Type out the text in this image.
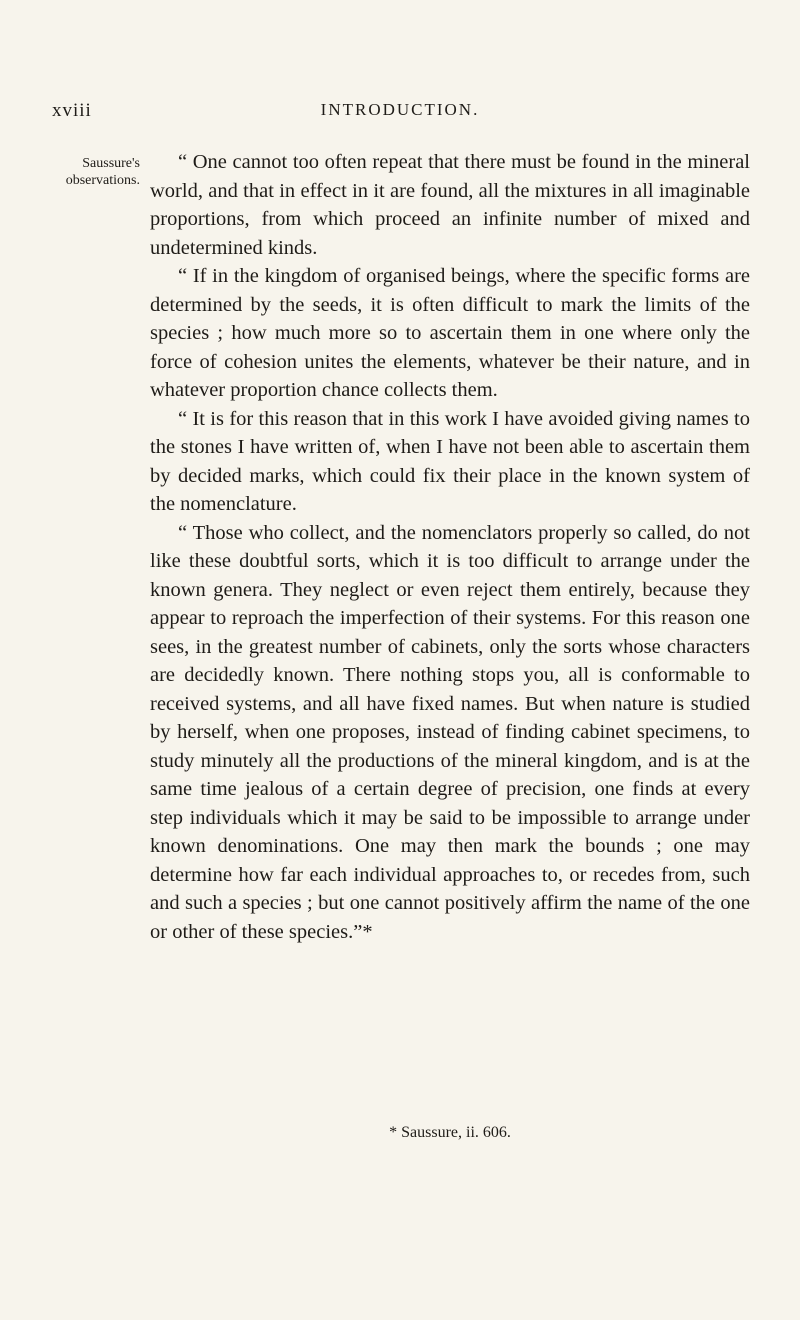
xviii	INTRODUCTION.
Saussure's
observations.

“ One cannot too often repeat that there must be found in the mineral world, and that in effect in it are found, all the mixtures in all imaginable proportions, from which proceed an infinite number of mixed and undetermined kinds.

“ If in the kingdom of organised beings, where the specific forms are determined by the seeds, it is often difficult to mark the limits of the species ; how much more so to ascertain them in one where only the force of cohesion unites the elements, whatever be their nature, and in whatever proportion chance collects them.

“ It is for this reason that in this work I have avoided giving names to the stones I have written of, when I have not been able to ascertain them by decided marks, which could fix their place in the known system of the nomenclature.

“ Those who collect, and the nomenclators properly so called, do not like these doubtful sorts, which it is too difficult to arrange under the known genera. They neglect or even reject them entirely, because they appear to reproach the imperfection of their systems. For this reason one sees, in the greatest number of cabinets, only the sorts whose characters are decidedly known. There nothing stops you, all is conformable to received systems, and all have fixed names. But when nature is studied by herself, when one proposes, instead of finding cabinet specimens, to study minutely all the productions of the mineral kingdom, and is at the same time jealous of a certain degree of precision, one finds at every step individuals which it may be said to be impossible to arrange under known denominations. One may then mark the bounds ; one may determine how far each individual approaches to, or recedes from, such and such a species ; but one cannot positively affirm the name of the one or other of these species.”*

* Saussure, ii. 606.
